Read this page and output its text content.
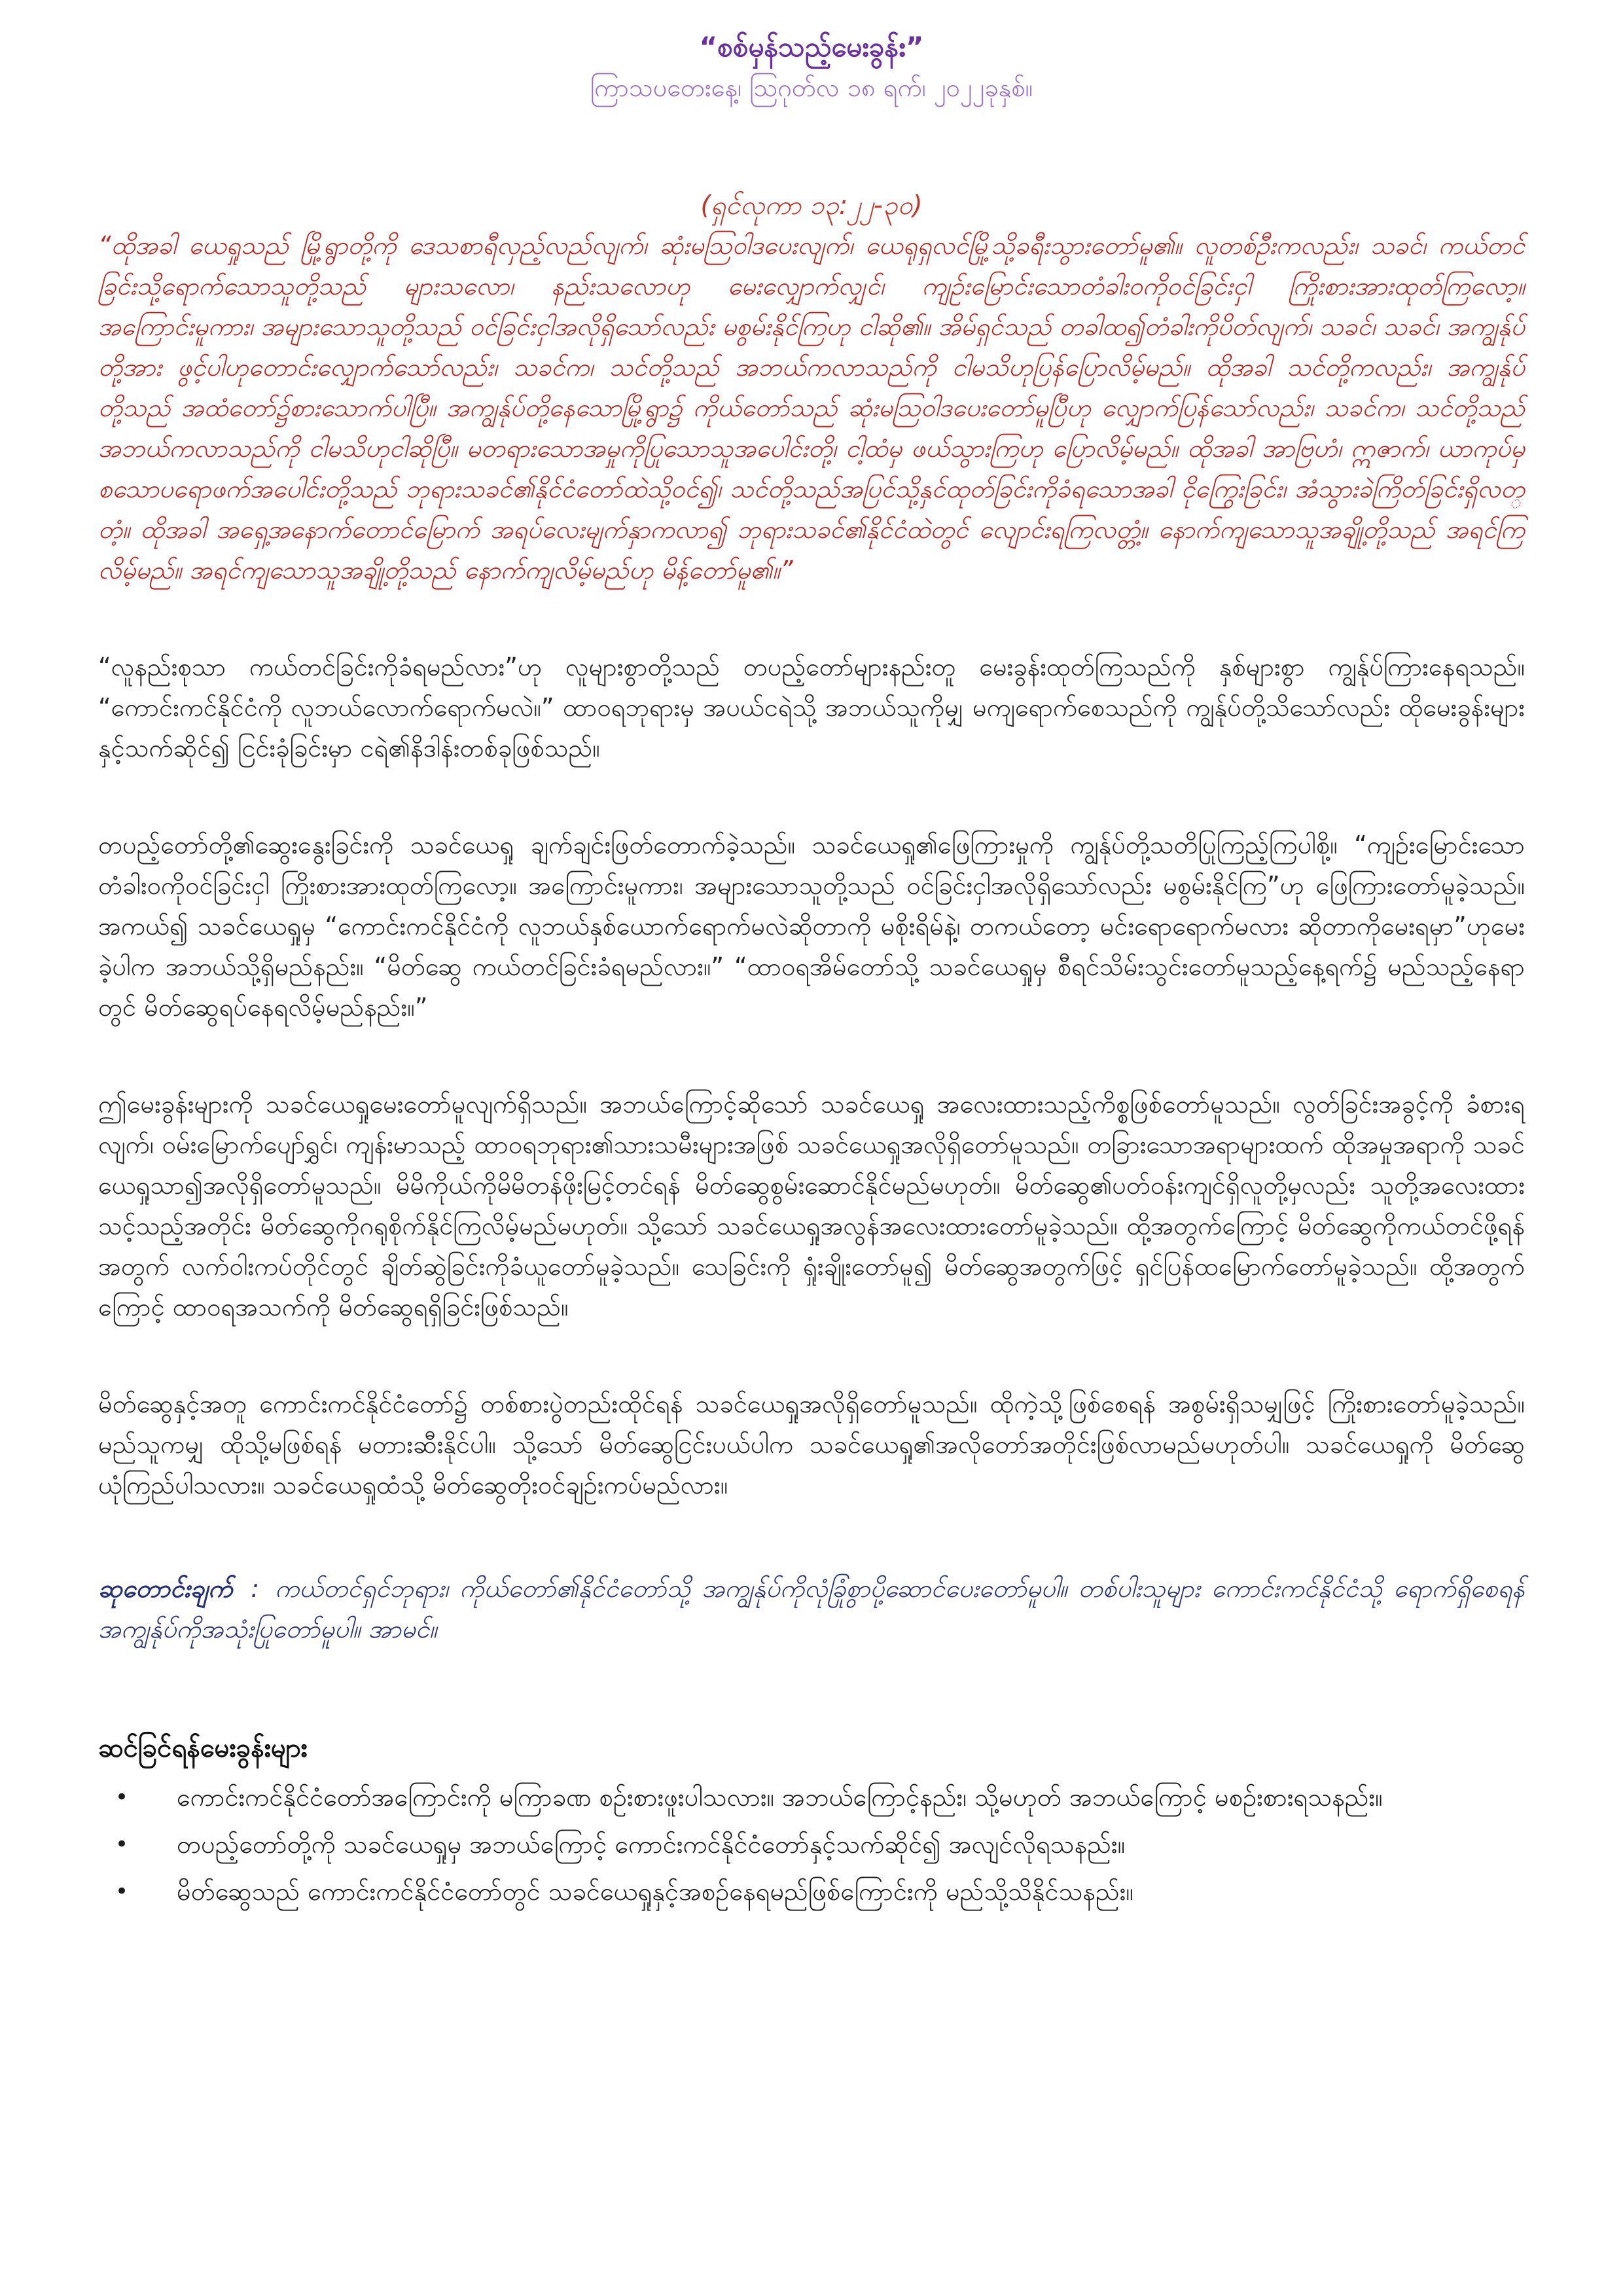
“စစ်မှန်သည့်မေးခွန်း”

ကြာသပတေးနေ့၊ ဩဂုတ်လ ၁၈ ရက်၊ ၂၀၂၂ခုနှစ်။

(ရှင်လုကာ ၁၃:၂၂-၃၀)

“ထိုအခါ ယေရှုသည် မြို့ရွာတို့ကို ဒေသစာရီလှည့်လည်လျက်၊ ဆုံးမဩဝါဒပေးလျက်၊ ယေရုရှလင်မြို့သို့ခရီးသွားတော်မူ၏။ လူတစ်ဦးကလည်း၊ သခင်၊ ကယ်တင်ခြင်းသို့ရောက်သောသူတို့သည် များသလော၊ နည်းသလောဟု မေးလျှောက်လျှင်၊ ကျဉ်းမြောင်းသောတံခါးဝကိုဝင်ခြင်းငှါ ကြိုးစားအားထုတ်ကြလော့။ အကြောင်းမူကား၊ အများသောသူတို့သည် ဝင်ခြင်းငှါအလိုရှိသော်လည်း မစွမ်းနိုင်ကြဟု ငါဆို၏။ အိမ်ရှင်သည် တခါထ၍တံခါးကိုပိတ်လျက်၊ သခင်၊ သခင်၊ အကျွန်ုပ်တို့အား ဖွင့်ပါဟုတောင်းလျှောက်သော်လည်း၊ သခင်က၊ သင်တို့သည် အဘယ်ကလာသည်ကို ငါမသိဟုပြန်ပြောလိမ့်မည်။ ထိုအခါ သင်တို့ကလည်း၊ အကျွန်ုပ်တို့သည် အထံတော်၌စားသောက်ပါပြီ။ အကျွန်ုပ်တို့နေသောမြို့ရွာ၌ ကိုယ်တော်သည် ဆုံးမဩဝါဒပေးတော်မူပြီဟု လျှောက်ပြန်သော်လည်း၊ သခင်က၊ သင်တို့သည် အဘယ်ကလာသည်ကို ငါမသိဟုငါဆိုပြီ။ မတရားသောအမှုကိုပြုသောသူအပေါင်းတို့၊ ငါ့ထံမှ ဖယ်သွားကြဟု ပြောလိမ့်မည်။ ထိုအခါ အာဗြဟံ၊ ဣဇာက်၊ ယာကုပ်မှစသောပရောဖက်အပေါင်းတို့သည် ဘုရားသခင်၏နိုင်ငံတော်ထဲသို့ဝင်၍၊ သင်တို့သည်အပြင်သို့နှင်ထုတ်ခြင်းကိုခံရသောအခါ ငိုကြွေးခြင်း၊ အံသွားခဲကြိတ်ခြင်းရှိလတ္တံ့။ ထိုအခါ အရှေ့အနောက်တောင်မြောက် အရပ်လေးမျက်နှာကလာ၍ ဘုရားသခင်၏နိုင်ငံထဲတွင် လျောင်းရကြလတ္တံ့။ နောက်ကျသောသူအချို့တို့သည် အရင်ကြလိမ့်မည်။ အရင်ကျသောသူအချို့တို့သည် နောက်ကျလိမ့်မည်ဟု မိန့်တော်မူ၏။”

“လူနည်းစုသာ ကယ်တင်ခြင်းကိုခံရမည်လား”ဟု လူများစွာတို့သည် တပည့်တော်များနည်းတူ မေးခွန်းထုတ်ကြသည်ကို နှစ်များစွာ ကျွန်ုပ်ကြားနေရသည်။ “ကောင်းကင်နိုင်ငံကို လူဘယ်လောက်ရောက်မလဲ။” ထာဝရဘုရားမှ အပယ်ငရဲသို့ အဘယ်သူကိုမျှ မကျရောက်စေသည်ကို ကျွန်ုပ်တို့သိသော်လည်း ထိုမေးခွန်းများနှင့်သက်ဆိုင်၍ ငြင်းခုံခြင်းမှာ ငရဲ၏နိဒါန်းတစ်ခုဖြစ်သည်။

တပည့်တော်တို့၏ဆွေးနွေးခြင်းကို သခင်ယေရှု ချက်ချင်းဖြတ်တောက်ခဲ့သည်။ သခင်ယေရှု၏ဖြေကြားမှုကို ကျွန်ုပ်တို့သတိပြုကြည့်ကြပါစို့။ “ကျဉ်းမြောင်းသောတံခါးဝကိုဝင်ခြင်းငှါ ကြိုးစားအားထုတ်ကြလော့။ အကြောင်းမူကား၊ အများသောသူတို့သည် ဝင်ခြင်းငှါအလိုရှိသော်လည်း မစွမ်းနိုင်ကြ”ဟု ဖြေကြားတော်မူခဲ့သည်။ အကယ်၍ သခင်ယေရှုမှ “ကောင်းကင်နိုင်ငံကို လူဘယ်နှစ်ယောက်ရောက်မလဲဆိုတာကို မစိုးရိမ်နဲ့၊ တကယ်တော့ မင်းရောရောက်မလား ဆိုတာကိုမေးရမှာ”ဟုမေးခဲ့ပါက အဘယ်သို့ရှိမည်နည်း။ “မိတ်ဆွေ ကယ်တင်ခြင်းခံရမည်လား။” “ထာဝရအိမ်တော်သို့ သခင်ယေရှုမှ စီရင်သိမ်းသွင်းတော်မူသည့်နေ့ရက်၌ မည်သည့်နေရာတွင် မိတ်ဆွေရပ်နေရလိမ့်မည်နည်း။”

ဤမေးခွန်းများကို သခင်ယေရှုမေးတော်မူလျက်ရှိသည်။ အဘယ်ကြောင့်ဆိုသော် သခင်ယေရှု အလေးထားသည့်ကိစ္စဖြစ်တော်မူသည်။ လွတ်ခြင်းအခွင့်ကို ခံစားရလျက်၊ ဝမ်းမြောက်ပျော်ရွှင်၊ ကျန်းမာသည့် ထာဝရဘုရား၏သားသမီးများအဖြစ် သခင်ယေရှုအလိုရှိတော်မူသည်။ တခြားသောအရာများထက် ထိုအမှုအရာကို သခင်ယေရှုသာ၍အလိုရှိတော်မူသည်။ မိမိကိုယ်ကိုမိမိတန်ဖိုးမြင့်တင်ရန် မိတ်ဆွေစွမ်းဆောင်နိုင်မည်မဟုတ်။ မိတ်ဆွေ၏ပတ်ဝန်းကျင်ရှိလူတို့မှလည်း သူတို့အလေးထားသင့်သည့်အတိုင်း မိတ်ဆွေကိုဂရုစိုက်နိုင်ကြလိမ့်မည်မဟုတ်။ သို့သော် သခင်ယေရှုအလွန်အလေးထားတော်မူခဲ့သည်။ ထို့အတွက်ကြောင့် မိတ်ဆွေကိုကယ်တင်ဖို့ရန်အတွက် လက်ဝါးကပ်တိုင်တွင် ချိတ်ဆွဲခြင်းကိုခံယူတော်မူခဲ့သည်။ သေခြင်းကို ရှုံးချိုးတော်မူ၍ မိတ်ဆွေအတွက်ဖြင့် ရှင်ပြန်ထမြောက်တော်မူခဲ့သည်။ ထို့အတွက်ကြောင့် ထာဝရအသက်ကို မိတ်ဆွေရရှိခြင်းဖြစ်သည်။

မိတ်ဆွေနှင့်အတူ ကောင်းကင်နိုင်ငံတော်၌ တစ်စားပွဲတည်းထိုင်ရန် သခင်ယေရှုအလိုရှိတော်မူသည်။ ထိုကဲ့သို့ဖြစ်စေရန် အစွမ်းရှိသမျှဖြင့် ကြိုးစားတော်မူခဲ့သည်။ မည်သူကမျှ ထိုသို့မဖြစ်ရန် မတားဆီးနိုင်ပါ။ သို့သော် မိတ်ဆွေငြင်းပယ်ပါက သခင်ယေရှု၏အလိုတော်အတိုင်းဖြစ်လာမည်မဟုတ်ပါ။ သခင်ယေရှုကို မိတ်ဆွေယုံကြည်ပါသလား။ သခင်ယေရှုထံသို့ မိတ်ဆွေတိုးဝင်ချဉ်းကပ်မည်လား။

ဆုတောင်းချက် : ကယ်တင်ရှင်ဘုရား၊ ကိုယ်တော်၏နိုင်ငံတော်သို့ အကျွန်ုပ်ကိုလုံခြုံစွာပို့ဆောင်ပေးတော်မူပါ။ တစ်ပါးသူများ ကောင်းကင်နိုင်ငံသို့ ရောက်ရှိစေရန် အကျွန်ုပ်ကိုအသုံးပြုတော်မူပါ။ အာမင်။

ဆင်ခြင်ရန်မေးခွန်းများ

• ကောင်းကင်နိုင်ငံတော်အကြောင်းကို မကြာခဏ စဉ်းစားဖူးပါသလား။ အဘယ်ကြောင့်နည်း၊ သို့မဟုတ် အဘယ်ကြောင့် မစဉ်းစားရသနည်း။
• တပည့်တော်တို့ကို သခင်ယေရှုမှ အဘယ်ကြောင့် ကောင်းကင်နိုင်ငံတော်နှင့်သက်ဆိုင်၍ အလျင်လိုရသနည်း။
• မိတ်ဆွေသည် ကောင်းကင်နိုင်ငံတော်တွင် သခင်ယေရှုနှင့်အစဉ်နေရမည်ဖြစ်ကြောင်းကို မည်သို့သိနိုင်သနည်း။
